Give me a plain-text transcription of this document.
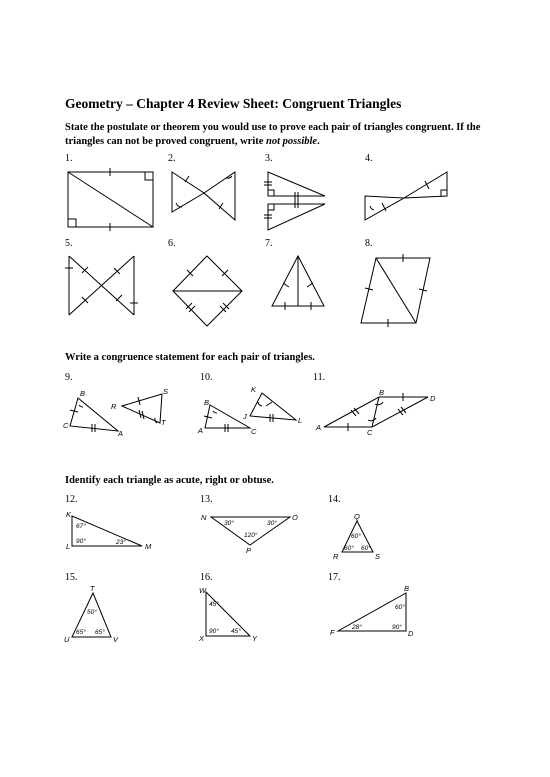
Geometry – Chapter 4 Review Sheet: Congruent Triangles
State the postulate or theorem you would use to prove each pair of triangles congruent. If the triangles can not be proved congruent, write not possible.
1.	2.	3.	4.
5.	6.	7.	8.
Write a congruence statement for each pair of triangles.
9.	10.	11.
B	S
R
T
C
A
K
B
J	L
A	C
B
D
A
C
Identify each triangle as acute, right or obtuse.
12.	13.	14.
15.	16.	17.
K
L	M
67°
90°	23°
N	O
P
30°	30°
120°
Q
R	S
60°
60° 60°
T
U	V
50°
65° 65°
W
X	Y
45°
90° 45°
B
F	D
60°
28°	90°
